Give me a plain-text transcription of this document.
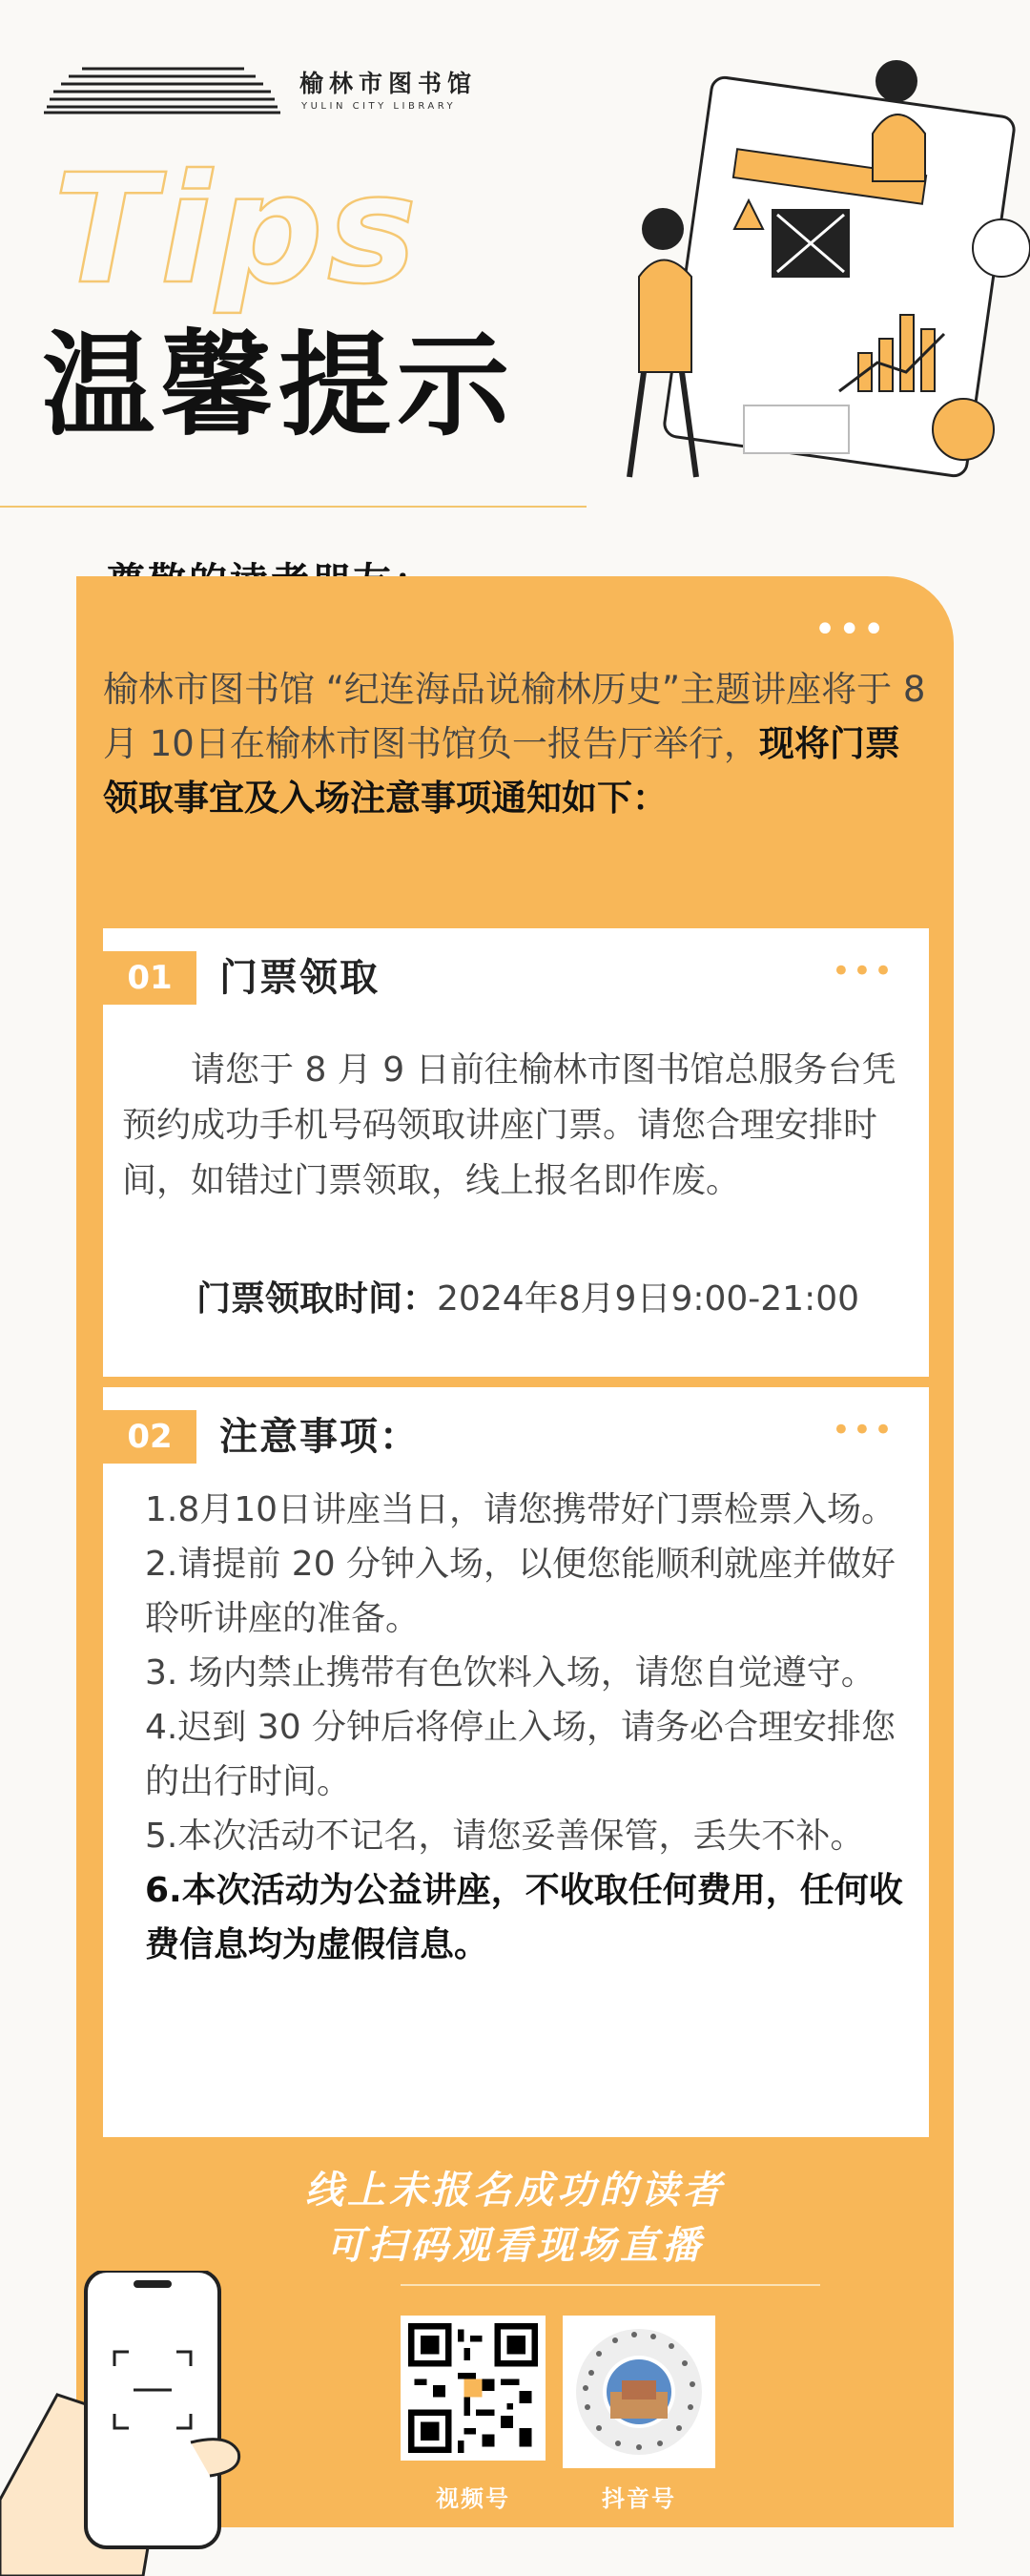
榆林市图书馆
YULIN CITY LIBRARY
Tips
温馨提示
•••
榆林市图书馆 “纪连海品说榆林历史”主题讲座将于 8 月 10日在榆林市图书馆负一报告厅举行，现将门票领取事宜及入场注意事项通知如下：
01	门票领取	•••
请您于 8 月 9 日前往榆林市图书馆总服务台凭预约成功手机号码领取讲座门票。请您合理安排时间，如错过门票领取，线上报名即作废。
门票领取时间：2024年8月9日9:00-21:00
02	注意事项：	•••

1.8月10日讲座当日，请您携带好门票检票入场。

2.请提前 20 分钟入场，以便您能顺利就座并做好聆听讲座的准备。

3. 场内禁止携带有色饮料入场，请您自觉遵守。

4.迟到 30 分钟后将停止入场，请务必合理安排您的出行时间。

5.本次活动不记名，请您妥善保管，丢失不补。

6.本次活动为公益讲座，不收取任何费用，任何收费信息均为虚假信息。

线上未报名成功的读者
可扫码观看现场直播
视频号	抖音号
